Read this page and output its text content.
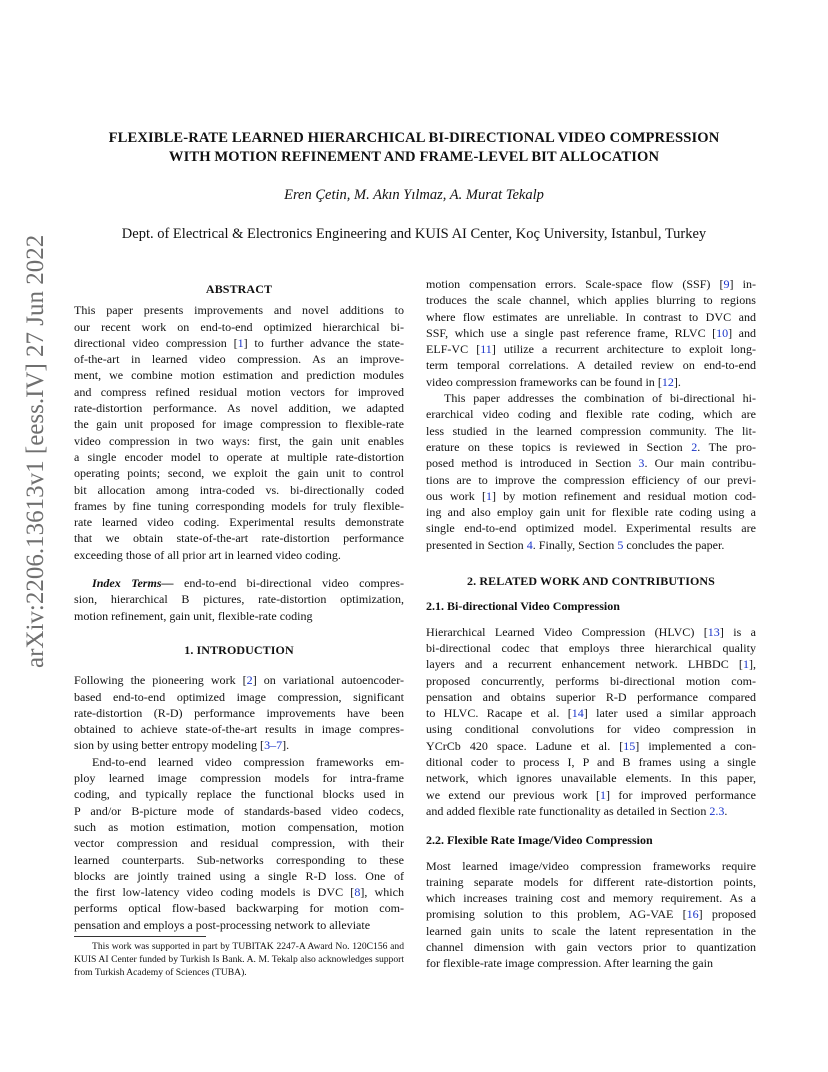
FLEXIBLE-RATE LEARNED HIERARCHICAL BI-DIRECTIONAL VIDEO COMPRESSION
WITH MOTION REFINEMENT AND FRAME-LEVEL BIT ALLOCATION
Eren Çetin, M. Akın Yılmaz, A. Murat Tekalp
Dept. of Electrical & Electronics Engineering and KUIS AI Center, Koç University, Istanbul, Turkey
arXiv:2206.13613v1 [eess.IV] 27 Jun 2022	ABSTRACT

This paper presents improvements and novel additions to
our recent work on end-to-end optimized hierarchical bi-
directional video compression [1] to further advance the state-
of-the-art in learned video compression. As an improve-
ment, we combine motion estimation and prediction modules
and compress refined residual motion vectors for improved
rate-distortion performance. As novel addition, we adapted
the gain unit proposed for image compression to flexible-rate
video compression in two ways: first, the gain unit enables
a single encoder model to operate at multiple rate-distortion
operating points; second, we exploit the gain unit to control
bit allocation among intra-coded vs. bi-directionally coded
frames by fine tuning corresponding models for truly flexible-
rate learned video coding. Experimental results demonstrate
that we obtain state-of-the-art rate-distortion performance
exceeding those of all prior art in learned video coding.
Index Terms— end-to-end bi-directional video compres-
sion, hierarchical B pictures, rate-distortion optimization,
motion refinement, gain unit, flexible-rate coding

1. INTRODUCTION

Following the pioneering work [2] on variational autoencoder-
based end-to-end optimized image compression, significant
rate-distortion (R-D) performance improvements have been
obtained to achieve state-of-the-art results in image compres-
sion by using better entropy modeling [3–7].
End-to-end learned video compression frameworks em-
ploy learned image compression models for intra-frame
coding, and typically replace the functional blocks used in
P and/or B-picture mode of standards-based video codecs,
such as motion estimation, motion compensation, motion
vector compression and residual compression, with their
learned counterparts. Sub-networks corresponding to these
blocks are jointly trained using a single R-D loss. One of
the first low-latency video coding models is DVC [8], which
performs optical flow-based backwarping for motion com-
pensation and employs a post-processing network to alleviate
This work was supported in part by TUBITAK 2247-A Award No. 120C156 and KUIS AI Center funded by Turkish Is Bank. A. M. Tekalp also acknowledges support from Turkish Academy of Sciences (TUBA).
motion compensation errors. Scale-space flow (SSF) [9] in-
troduces the scale channel, which applies blurring to regions
where flow estimates are unreliable. In contrast to DVC and
SSF, which use a single past reference frame, RLVC [10] and
ELF-VC [11] utilize a recurrent architecture to exploit long-
term temporal correlations. A detailed review on end-to-end
video compression frameworks can be found in [12].
This paper addresses the combination of bi-directional hi-
erarchical video coding and flexible rate coding, which are
less studied in the learned compression community. The lit-
erature on these topics is reviewed in Section 2. The pro-
posed method is introduced in Section 3. Our main contribu-
tions are to improve the compression efficiency of our previ-
ous work [1] by motion refinement and residual motion cod-
ing and also employ gain unit for flexible rate coding using a
single end-to-end optimized model. Experimental results are
presented in Section 4. Finally, Section 5 concludes the paper.

2. RELATED WORK AND CONTRIBUTIONS

2.1. Bi-directional Video Compression

Hierarchical Learned Video Compression (HLVC) [13] is a
bi-directional codec that employs three hierarchical quality
layers and a recurrent enhancement network. LHBDC [1],
proposed concurrently, performs bi-directional motion com-
pensation and obtains superior R-D performance compared
to HLVC. Racape et al. [14] later used a similar approach
using conditional convolutions for video compression in
YCrCb 420 space. Ladune et al. [15] implemented a con-
ditional coder to process I, P and B frames using a single
network, which ignores unavailable elements. In this paper,
we extend our previous work [1] for improved performance
and added flexible rate functionality as detailed in Section 2.3.

2.2. Flexible Rate Image/Video Compression

Most learned image/video compression frameworks require
training separate models for different rate-distortion points,
which increases training cost and memory requirement. As a
promising solution to this problem, AG-VAE [16] proposed
learned gain units to scale the latent representation in the
channel dimension with gain vectors prior to quantization
for flexible-rate image compression. After learning the gain
